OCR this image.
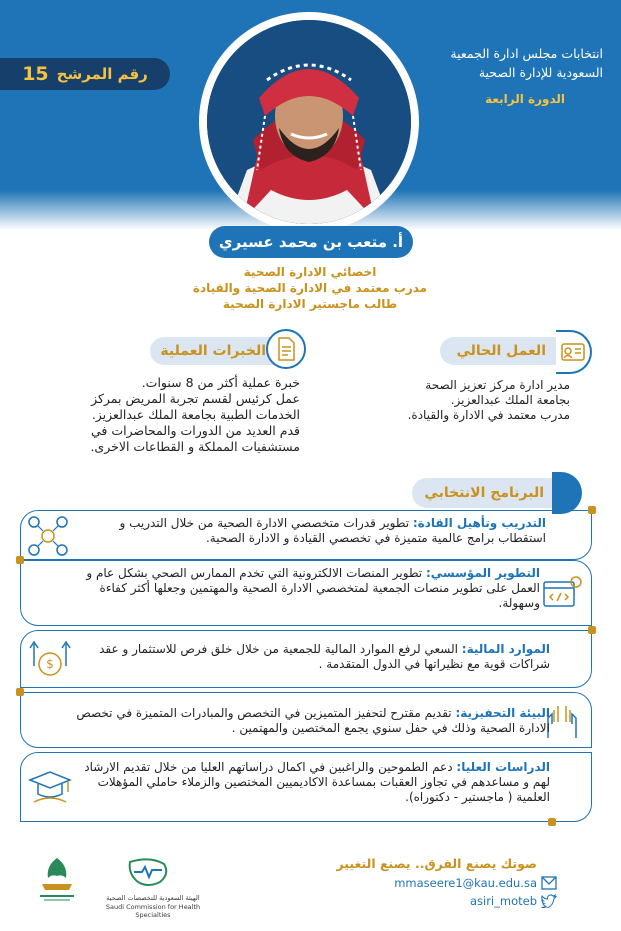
انتخابات مجلس ادارة الجمعية السعودية للإدارة الصحية
الدورة الرابعة
رقم المرشح
15
أ. متعب بن محمد عسيري
اخصائي الادارة الصحية
مدرب معتمد في الادارة الصحية والقيادة
طالب ماجستير الادارة الصحية
العمل الحالي
مدير ادارة مركز تعزيز الصحة
بجامعة الملك عبدالعزيز.
مدرب معتمد في الادارة والقيادة.
الخبرات العملية
خبرة عملية أكثر من 8 سنوات.
عمل كرئيس لقسم تجربة المريض بمركز
الخدمات الطبية بجامعة الملك عبدالعزيز.
قدم العديد من الدورات والمحاضرات في
مستشفيات المملكة و القطاعات الاخرى.
البرنامج الانتخابي
التدريب وتأهيل القادة: تطوير قدرات متخصصي الادارة الصحية من خلال التدريب و استقطاب برامج عالمية متميزة في تخصصي القيادة و الادارة الصحية.
التطوير المؤسسي: تطوير المنصات الالكترونية التي تخدم الممارس الصحي بشكل عام و العمل على تطوير منصات الجمعية لمتخصصي الادارة الصحية والمهتمين وجعلها أكثر كفاءة وسهولة.
$
الموارد المالية: السعي لرفع الموارد المالية للجمعية من خلال خلق فرص للاستثمار و عقد شراكات قوية مع نظيراتها في الدول المتقدمة .
البيئة التحفيزية: تقديم مقترح لتحفيز المتميزين في التخصص والمبادرات المتميزة في تخصص الادارة الصحية وذلك في حفل سنوي يجمع المختصين والمهتمين .
الدراسات العليا: دعم الطموحين والراغبين في اكمال دراساتهم العليا من خلال تقديم الارشاد لهم و مساعدهم في تجاوز العقبات بمساعدة الاكاديميين المختصين والزملاء حاملي المؤهلات العلمية ( ماجستير - دكتوراه).
صوتك يصنع الفرق.. يصنع التغيير
mmaseere1@kau.edu.sa
asiri_moteb
الهيئة السعودية للتخصصات الصحية
Saudi Commission for Health Specialties
